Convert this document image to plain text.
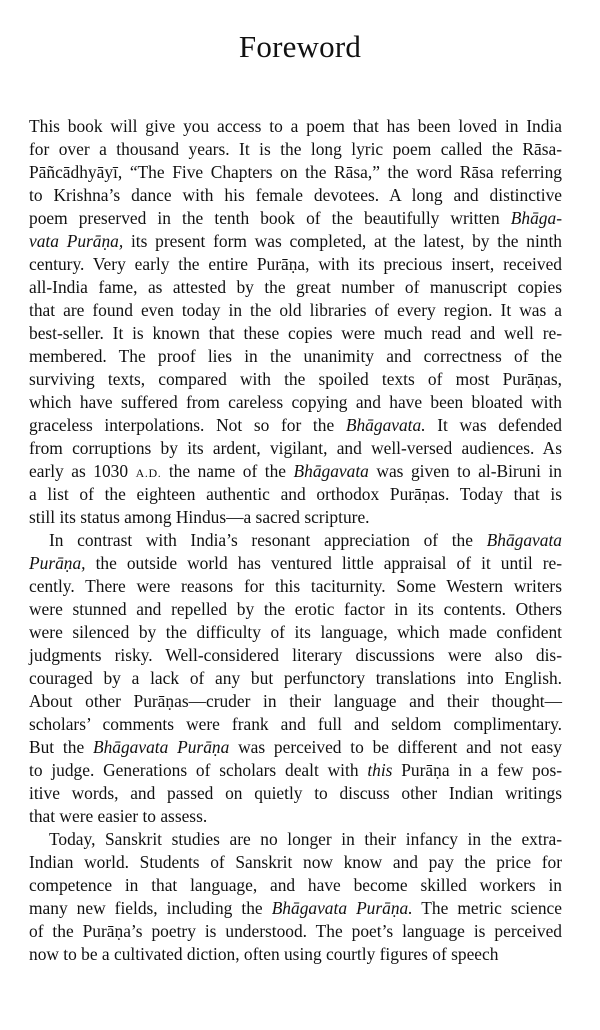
Foreword
This book will give you access to a poem that has been loved in India
for over a thousand years. It is the long lyric poem called the Rāsa-
Pāñcādhyāyī, “The Five Chapters on the Rāsa,” the word Rāsa referring
to Krishna’s dance with his female devotees. A long and distinctive
poem preserved in the tenth book of the beautifully written Bhāga-
vata Purāṇa, its present form was completed, at the latest, by the ninth
century. Very early the entire Purāṇa, with its precious insert, received
all-India fame, as attested by the great number of manuscript copies
that are found even today in the old libraries of every region. It was a
best-seller. It is known that these copies were much read and well re-
membered. The proof lies in the unanimity and correctness of the
surviving texts, compared with the spoiled texts of most Purāṇas,
which have suffered from careless copying and have been bloated with
graceless interpolations. Not so for the Bhāgavata. It was defended
from corruptions by its ardent, vigilant, and well-versed audiences. As
early as 1030 A.D. the name of the Bhāgavata was given to al-Biruni in
a list of the eighteen authentic and orthodox Purāṇas. Today that is
still its status among Hindus—a sacred scripture.
In contrast with India’s resonant appreciation of the Bhāgavata
Purāṇa, the outside world has ventured little appraisal of it until re-
cently. There were reasons for this taciturnity. Some Western writers
were stunned and repelled by the erotic factor in its contents. Others
were silenced by the difficulty of its language, which made confident
judgments risky. Well-considered literary discussions were also dis-
couraged by a lack of any but perfunctory translations into English.
About other Purāṇas—cruder in their language and their thought—
scholars’ comments were frank and full and seldom complimentary.
But the Bhāgavata Purāṇa was perceived to be different and not easy
to judge. Generations of scholars dealt with this Purāṇa in a few pos-
itive words, and passed on quietly to discuss other Indian writings
that were easier to assess.
Today, Sanskrit studies are no longer in their infancy in the extra-
Indian world. Students of Sanskrit now know and pay the price for
competence in that language, and have become skilled workers in
many new fields, including the Bhāgavata Purāṇa. The metric science
of the Purāṇa’s poetry is understood. The poet’s language is perceived
now to be a cultivated diction, often using courtly figures of speech
